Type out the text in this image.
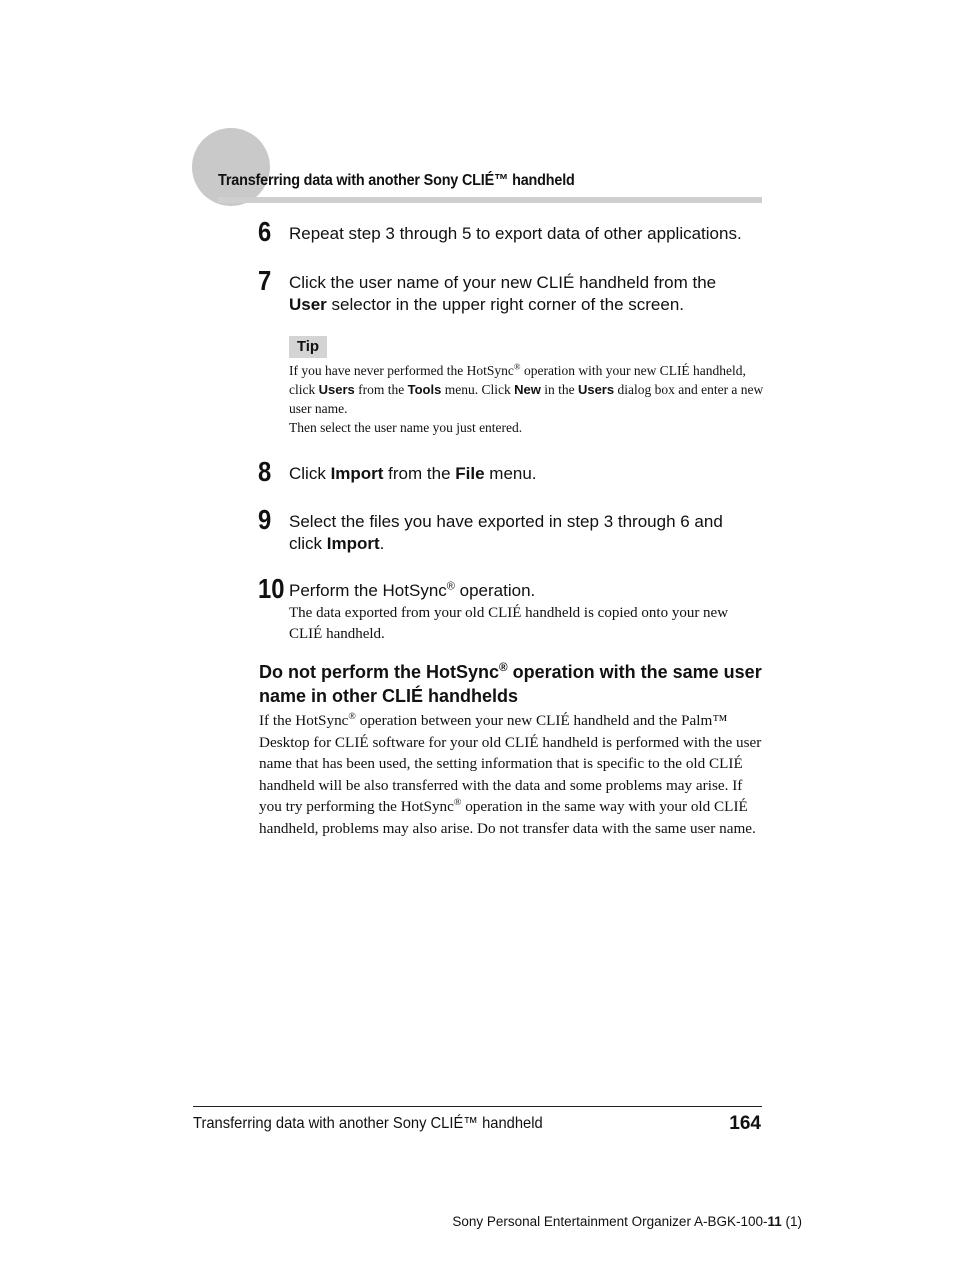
Transferring data with another Sony CLIÉ™ handheld
6 Repeat step 3 through 5 to export data of other applications.
7 Click the user name of your new CLIÉ handheld from the
User selector in the upper right corner of the screen.
Tip
If you have never performed the HotSync® operation with your new CLIÉ handheld, click Users from the Tools menu. Click New in the Users dialog box and enter a new user name.
Then select the user name you just entered.
8 Click Import from the File menu.
9 Select the files you have exported in step 3 through 6 and
click Import.
10 Perform the HotSync® operation.
The data exported from your old CLIÉ handheld is copied onto your new CLIÉ handheld.
Do not perform the HotSync® operation with the same user name in other CLIÉ handhelds
If the HotSync® operation between your new CLIÉ handheld and the Palm™ Desktop for CLIÉ software for your old CLIÉ handheld is performed with the user name that has been used, the setting information that is specific to the old CLIÉ handheld will be also transferred with the data and some problems may arise. If you try performing the HotSync® operation in the same way with your old CLIÉ handheld, problems may also arise. Do not transfer data with the same user name.
Transferring data with another Sony CLIÉ™ handheld	164
Sony Personal Entertainment Organizer A-BGK-100-11 (1)
